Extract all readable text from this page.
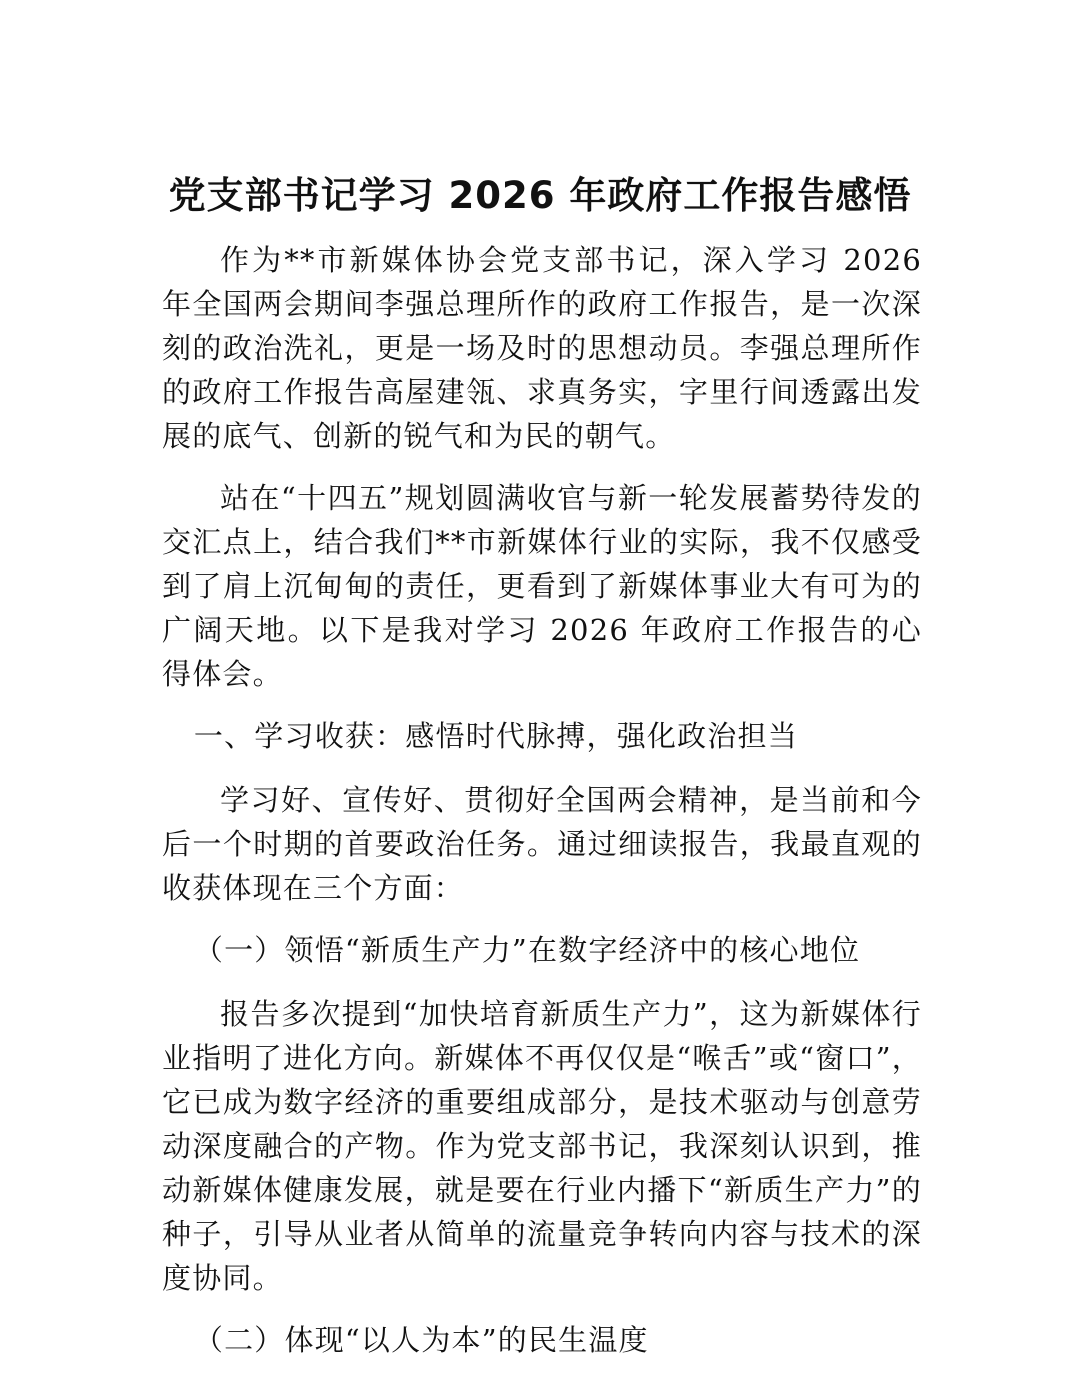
党支部书记学习 2026 年政府工作报告感悟

作为**市新媒体协会党支部书记，深入学习 2026 年全国两会期间李强总理所作的政府工作报告，是一次深刻的政治洗礼，更是一场及时的思想动员。李强总理所作的政府工作报告高屋建瓴、求真务实，字里行间透露出发展的底气、创新的锐气和为民的朝气。

站在“十四五”规划圆满收官与新一轮发展蓄势待发的交汇点上，结合我们**市新媒体行业的实际，我不仅感受到了肩上沉甸甸的责任，更看到了新媒体事业大有可为的广阔天地。以下是我对学习 2026 年政府工作报告的心得体会。

一、学习收获：感悟时代脉搏，强化政治担当

学习好、宣传好、贯彻好全国两会精神，是当前和今后一个时期的首要政治任务。通过细读报告，我最直观的收获体现在三个方面：

（一）领悟“新质生产力”在数字经济中的核心地位

报告多次提到“加快培育新质生产力”，这为新媒体行业指明了进化方向。新媒体不再仅仅是“喉舌”或“窗口”，它已成为数字经济的重要组成部分，是技术驱动与创意劳动深度融合的产物。作为党支部书记，我深刻认识到，推动新媒体健康发展，就是要在行业内播下“新质生产力”的种子，引导从业者从简单的流量竞争转向内容与技术的深度协同。

（二）体现“以人为本”的民生温度
